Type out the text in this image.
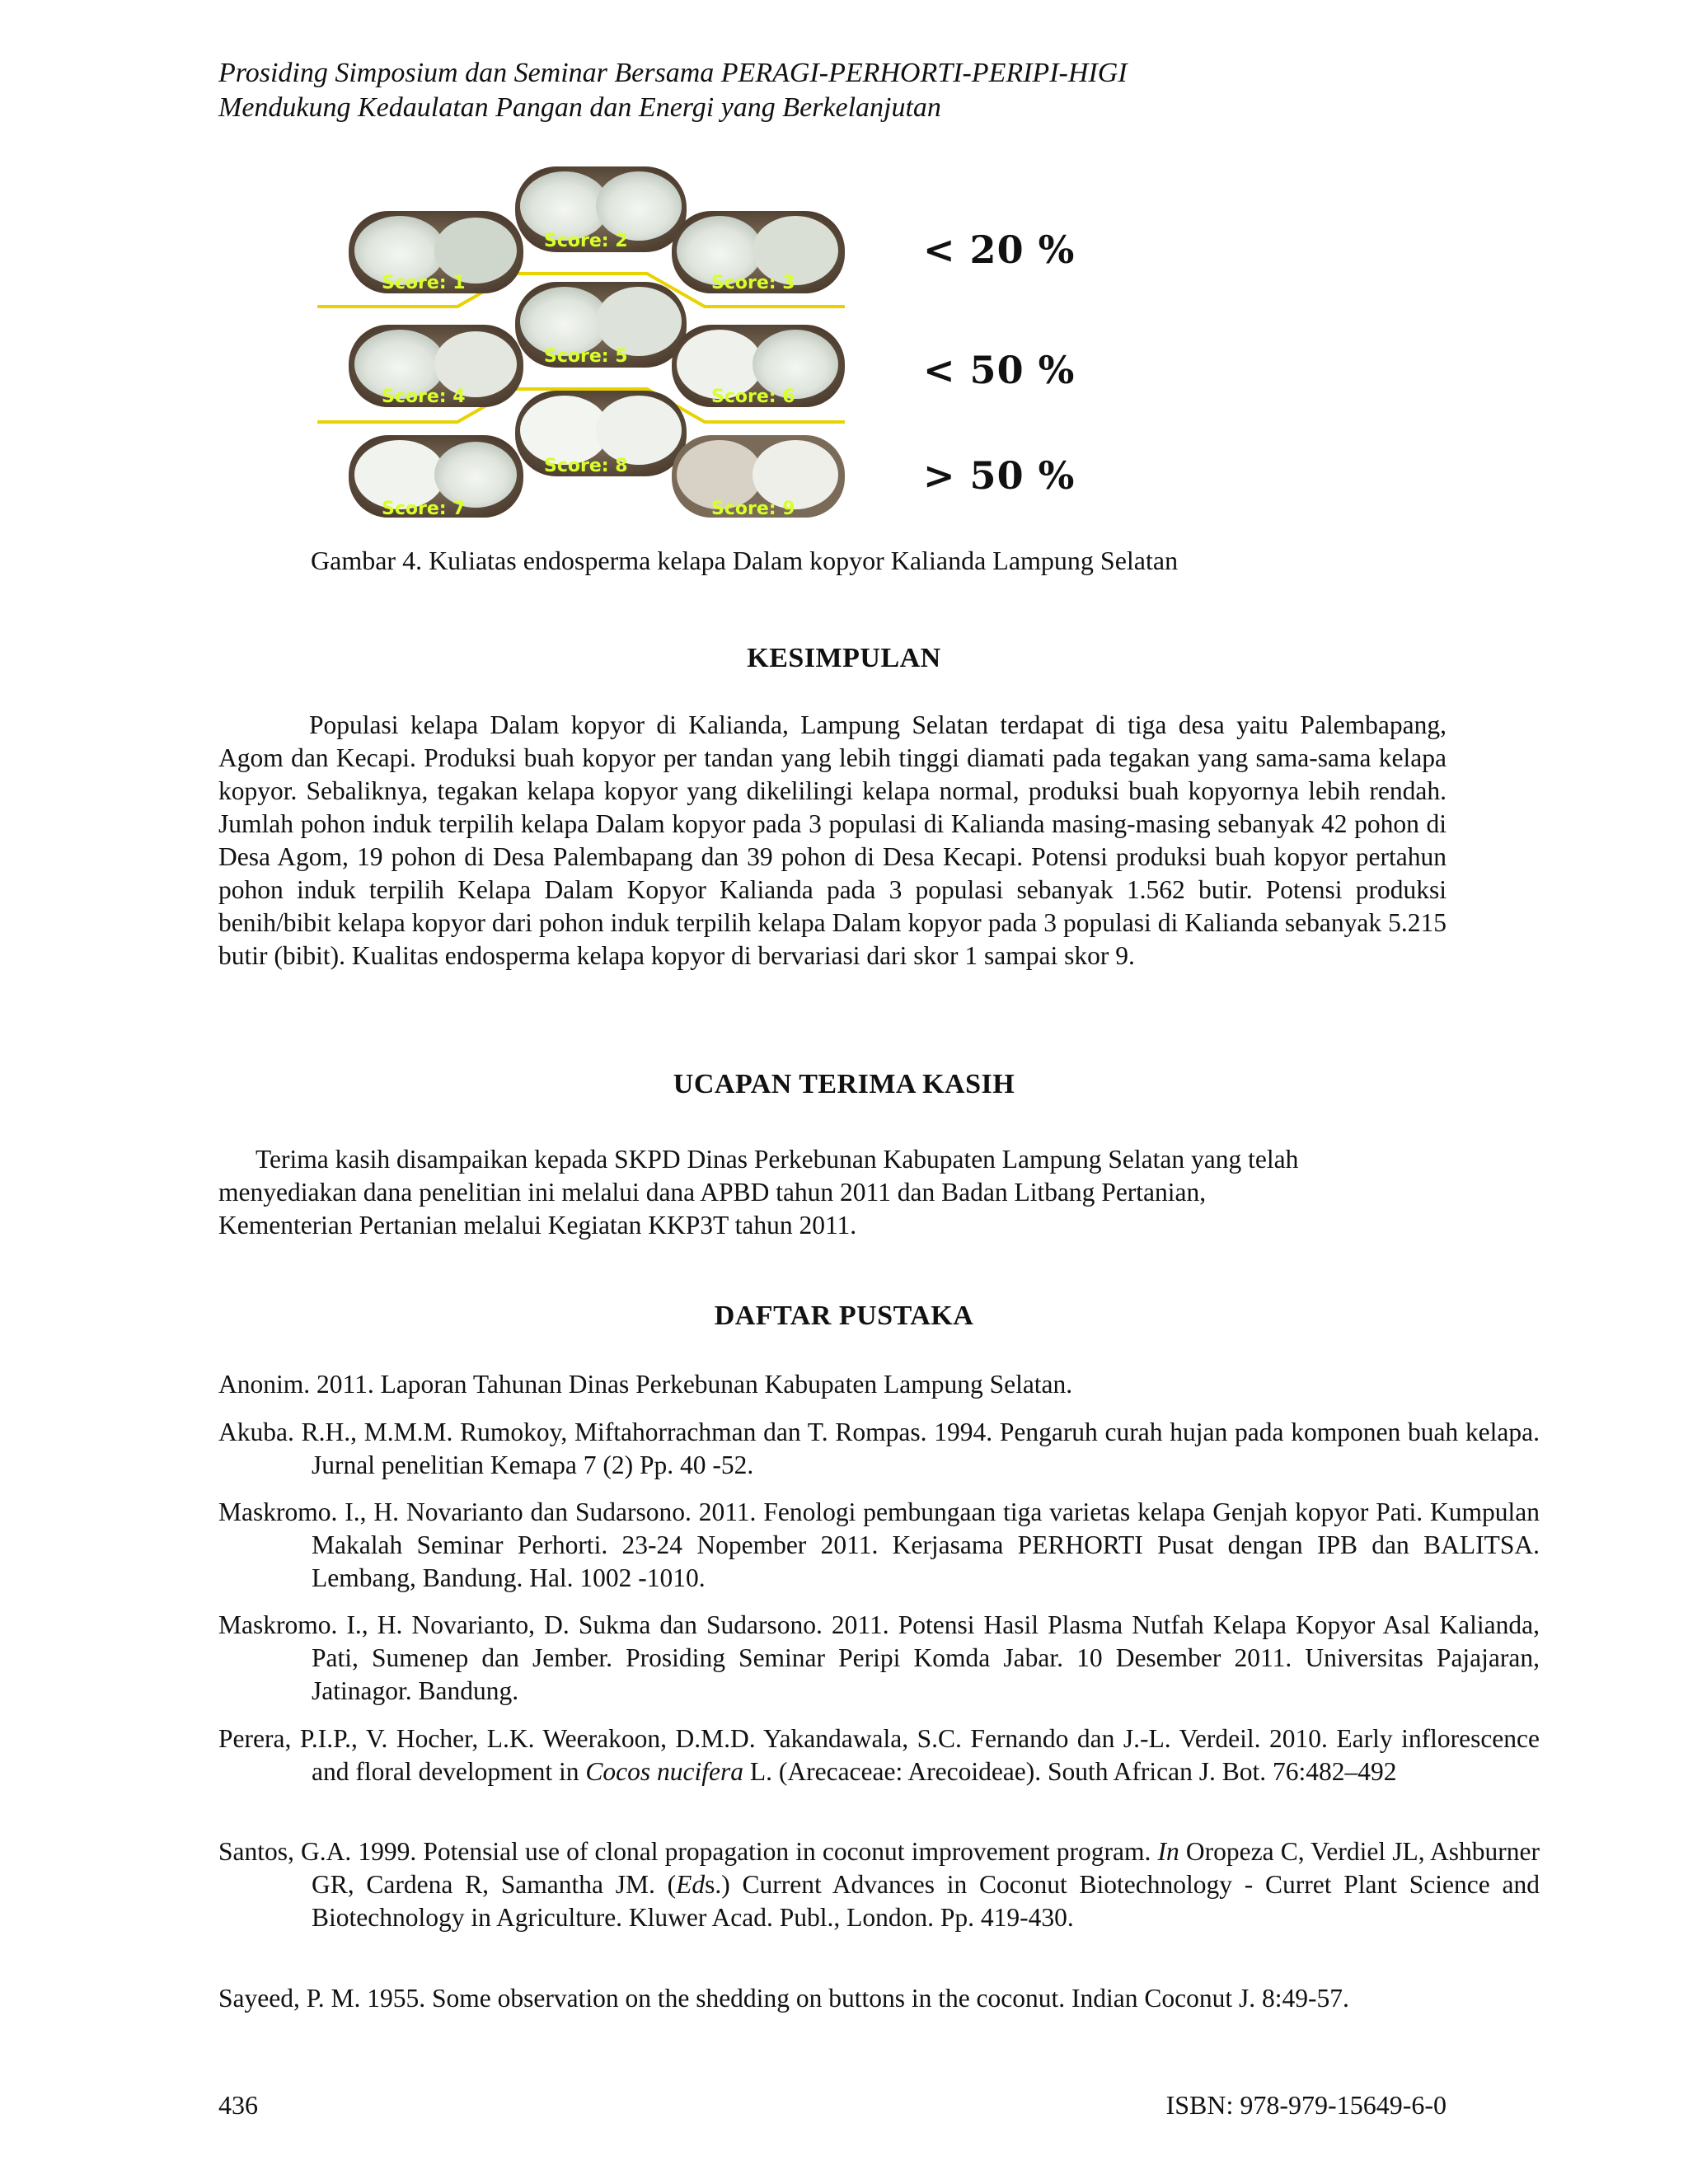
Prosiding Simposium dan Seminar Bersama PERAGI-PERHORTI-PERIPI-HIGI
Mendukung Kedaulatan Pangan dan Energi yang Berkelanjutan
Score: 1
Score: 2
Score: 3
Score: 4
Score: 5
Score: 6
Score: 7
Score: 8
Score: 9
< 20 %
< 50 %
> 50 %
Gambar 4. Kuliatas endosperma kelapa Dalam kopyor Kalianda Lampung Selatan
KESIMPULAN

Populasi kelapa Dalam kopyor di Kalianda, Lampung Selatan terdapat di tiga desa yaitu Palembapang, Agom dan Kecapi. Produksi buah kopyor per tandan yang lebih tinggi diamati pada tegakan yang sama-sama kelapa kopyor. Sebaliknya, tegakan kelapa kopyor yang dikelilingi kelapa normal, produksi buah kopyornya lebih rendah. Jumlah pohon induk terpilih kelapa Dalam kopyor pada 3 populasi di Kalianda masing-masing sebanyak 42 pohon di Desa Agom, 19 pohon di Desa Palembapang dan 39 pohon di Desa Kecapi. Potensi produksi buah kopyor pertahun pohon induk terpilih Kelapa Dalam Kopyor Kalianda pada 3 populasi sebanyak 1.562 butir. Potensi produksi benih/bibit kelapa kopyor dari pohon induk terpilih kelapa Dalam kopyor pada 3 populasi di Kalianda sebanyak 5.215 butir (bibit). Kualitas endosperma kelapa kopyor di bervariasi dari skor 1 sampai skor 9.

UCAPAN TERIMA KASIH
Terima kasih disampaikan kepada SKPD Dinas Perkebunan Kabupaten Lampung Selatan yang telah
menyediakan dana penelitian ini melalui dana APBD tahun 2011 dan Badan Litbang Pertanian,
Kementerian Pertanian melalui Kegiatan KKP3T tahun 2011.
DAFTAR PUSTAKA

Anonim. 2011. Laporan Tahunan Dinas Perkebunan Kabupaten Lampung Selatan.

Akuba. R.H., M.M.M. Rumokoy, Miftahorrachman dan T. Rompas. 1994. Pengaruh curah hujan pada komponen buah kelapa. Jurnal penelitian Kemapa 7 (2) Pp. 40 -52.

Maskromo. I., H. Novarianto dan Sudarsono. 2011. Fenologi pembungaan tiga varietas kelapa Genjah kopyor Pati. Kumpulan Makalah Seminar Perhorti. 23-24 Nopember 2011. Kerjasama PERHORTI Pusat dengan IPB dan BALITSA. Lembang, Bandung. Hal. 1002 -1010.

Maskromo. I., H. Novarianto, D. Sukma dan Sudarsono. 2011. Potensi Hasil Plasma Nutfah Kelapa Kopyor Asal Kalianda, Pati, Sumenep dan Jember. Prosiding Seminar Peripi Komda Jabar. 10 Desember 2011. Universitas Pajajaran, Jatinagor. Bandung.

Perera, P.I.P., V. Hocher, L.K. Weerakoon, D.M.D. Yakandawala, S.C. Fernando dan J.-L. Verdeil. 2010. Early inflorescence and floral development in Cocos nucifera L. (Arecaceae: Arecoideae). South African J. Bot. 76:482–492

Santos, G.A. 1999. Potensial use of clonal propagation in coconut improvement program. In Oropeza C, Verdiel JL, Ashburner GR, Cardena R, Samantha JM. (Eds.) Current Advances in Coconut Biotechnology - Curret Plant Science and Biotechnology in Agriculture. Kluwer Acad. Publ., London. Pp. 419-430.

Sayeed, P. M. 1955. Some observation on the shedding on buttons in the coconut. Indian Coconut J. 8:49-57.

436	ISBN: 978-979-15649-6-0
